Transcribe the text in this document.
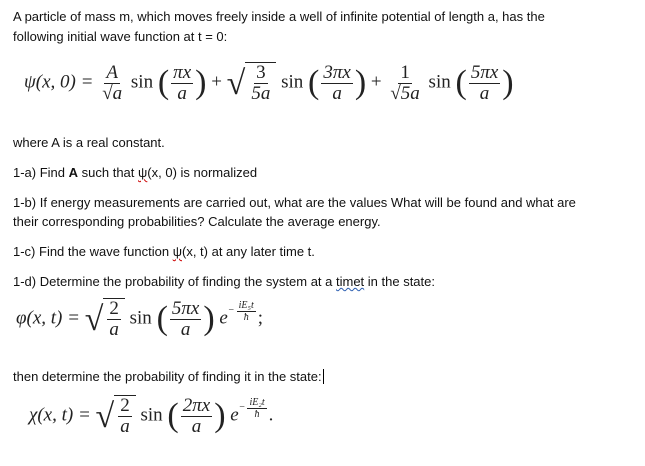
A particle of mass m, which moves freely inside a well of infinite potential of length a, has the
following initial wave function at t = 0:
ψ(x, $0) = \frac{A}{√a}$ sin ( $\frac{\pi x}{a}$ ) + √ $\frac{3}{5a}$ sin ( $\frac{3\pi x}{a}$ ) + $\frac{1}{√5a}$ sin ( $\frac{5\pi x}{a}$ )
where A is a real constant.
1-a) Find A such that ψ(x, 0) is normalized
1-b) If energy measurements are carried out, what are the values What will be found and what are
their corresponding probabilities? Calculate the average energy.
1-c) Find the wave function ψ(x, t) at any later time t.
1-d) Determine the probability of finding the system at a timet in the state:
φ(x, t) = √ $\frac{2}{a}$ sin ( $\frac{5\pi x}{a}$ ) $e^{- \frac{\text{iE₅t}}{ħ}}$ ;
then determine the probability of finding it in the state:
χ(x, t) = √ $\frac{2}{a}$ sin ( $\frac{2\pi x}{a}$ ) $e^{- \frac{\text{iE₂t}}{ħ}}$ .
